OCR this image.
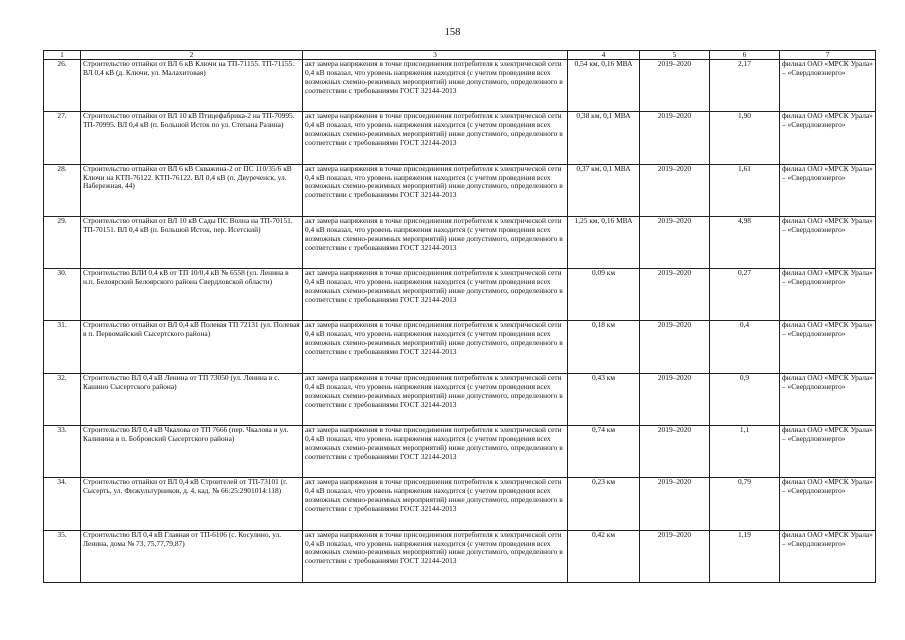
158
1	2	3	4	5	6	7
26.	Строительство отпайки от ВЛ 6 кВ Ключи на ТП-71155. ТП-71155. ВЛ 0,4 кВ (д. Ключи, ул. Малахитовая)	акт замера напряжения в точке присоединения потребителя к электрической сети 0,4 кВ показал, что уровень напряжения находится (с учетом проведения всех возможных схемно-режимных мероприятий) ниже допустимого, определенного в соответствии с требованиями ГОСТ 32144-2013	0,54 км, 0,16 МВА	2019–2020	2,17	филиал ОАО «МРСК Урала» – «Свердловэнерго»
27.	Строительство отпайки от ВЛ 10 кВ Птицефабрика-2 на ТП-70995. ТП-70995. ВЛ 0,4 кВ (п. Большой Исток по ул. Степана Разина)	акт замера напряжения в точке присоединения потребителя к электрической сети 0,4 кВ показал, что уровень напряжения находится (с учетом проведения всех возможных схемно-режимных мероприятий) ниже допустимого, определенного в соответствии с требованиями ГОСТ 32144-2013	0,38 км, 0,1 МВА	2019–2020	1,90	филиал ОАО «МРСК Урала» – «Свердловэнерго»
28.	Строительство отпайки от ВЛ 6 кВ Скважина-2 от ПС 110/35/6 кВ Ключи на КТП-76122. КТП-76122. ВЛ 0,4 кВ (п. Двуреченск, ул. Набережная, 44)	акт замера напряжения в точке присоединения потребителя к электрической сети 0,4 кВ показал, что уровень напряжения находится (с учетом проведения всех возможных схемно-режимных мероприятий) ниже допустимого, определенного в соответствии с требованиями ГОСТ 32144-2013	0,37 км, 0,1 МВА	2019–2020	1,61	филиал ОАО «МРСК Урала» – «Свердловэнерго»
29.	Строительство отпайки от ВЛ 10 кВ Сады ПС Волна на ТП-70151. ТП-70151. ВЛ 0,4 кВ (п. Большой Исток, пер. Исетский)	акт замера напряжения в точке присоединения потребителя к электрической сети 0,4 кВ показал, что уровень напряжения находится (с учетом проведения всех возможных схемно-режимных мероприятий) ниже допустимого, определенного в соответствии с требованиями ГОСТ 32144-2013	1,25 км, 0,16 МВА	2019–2020	4,98	филиал ОАО «МРСК Урала» – «Свердловэнерго»
30.	Строительство ВЛИ 0,4 кВ от ТП 10/0,4 кВ № 6558 (ул. Ленина в н.п. Белоярский Белоярского района Свердловской области)	акт замера напряжения в точке присоединения потребителя к электрической сети 0,4 кВ показал, что уровень напряжения находится (с учетом проведения всех возможных схемно-режимных мероприятий) ниже допустимого, определенного в соответствии с требованиями ГОСТ 32144-2013	0,09 км	2019–2020	0,27	филиал ОАО «МРСК Урала» – «Свердловэнерго»
31.	Строительство отпайки от ВЛ 0,4 кВ Полевая ТП 72131 (ул. Полевая в п. Первомайский Сысертского района)	акт замера напряжения в точке присоединения потребителя к электрической сети 0,4 кВ показал, что уровень напряжения находится (с учетом проведения всех возможных схемно-режимных мероприятий) ниже допустимого, определенного в соответствии с требованиями ГОСТ 32144-2013	0,18 км	2019–2020	0,4	филиал ОАО «МРСК Урала» – «Свердловэнерго»
32.	Строительство ВЛ 0,4 кВ Ленина от ТП 73050 (ул. Ленина в с. Кашино Сысертского района)	акт замера напряжения в точке присоединения потребителя к электрической сети 0,4 кВ показал, что уровень напряжения находится (с учетом проведения всех возможных схемно-режимных мероприятий) ниже допустимого, определенного в соответствии с требованиями ГОСТ 32144-2013	0,43 км	2019–2020	0,9	филиал ОАО «МРСК Урала» – «Свердловэнерго»
33.	Строительство ВЛ 0,4 кВ Чкалова от ТП 7666 (пер. Чкалова и ул. Калинина в п. Бобровский Сысертского района)	акт замера напряжения в точке присоединения потребителя к электрической сети 0,4 кВ показал, что уровень напряжения находится (с учетом проведения всех возможных схемно-режимных мероприятий) ниже допустимого, определенного в соответствии с требованиями ГОСТ 32144-2013	0,74 км	2019–2020	1,1	филиал ОАО «МРСК Урала» – «Свердловэнерго»
34.	Строительство отпайки от ВЛ 0,4 кВ Строителей от ТП-73101 (г. Сысерть, ул. Физкультурников, д. 4, кад. № 66:25:2901014:118)	акт замера напряжения в точке присоединения потребителя к электрической сети 0,4 кВ показал, что уровень напряжения находится (с учетом проведения всех возможных схемно-режимных мероприятий) ниже допустимого, определенного в соответствии с требованиями ГОСТ 32144-2013	0,23 км	2019–2020	0,79	филиал ОАО «МРСК Урала» – «Свердловэнерго»
35.	Строительство ВЛ 0,4 кВ Главная от ТП-6106 (с. Косулино, ул. Ленина, дома № 73, 75,77,79,87)	акт замера напряжения в точке присоединения потребителя к электрической сети 0,4 кВ показал, что уровень напряжения находится (с учетом проведения всех возможных схемно-режимных мероприятий) ниже допустимого, определенного в соответствии с требованиями ГОСТ 32144-2013	0,42 км	2019–2020	1,19	филиал ОАО «МРСК Урала» – «Свердловэнерго»
